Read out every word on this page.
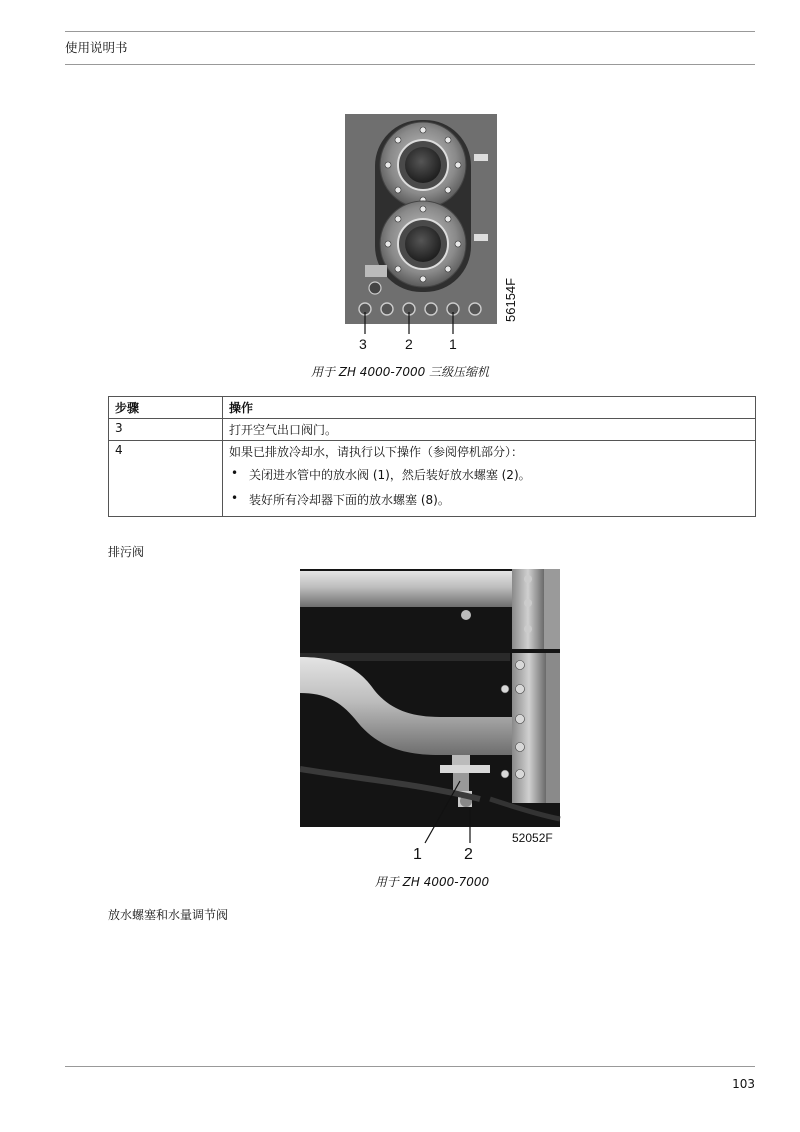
使用说明书
3	2	1
56154F
用于 ZH 4000-7000 三级压缩机
步骤	操作
3	打开空气出口阀门。
4	如果已排放冷却水，请执行以下操作（参阅停机部分）：
• 关闭进水管中的放水阀 (1)，然后装好放水螺塞 (2)。
• 装好所有冷却器下面的放水螺塞 (8)。
排污阀
52052F
1	2
用于 ZH 4000-7000
放水螺塞和水量调节阀
103
